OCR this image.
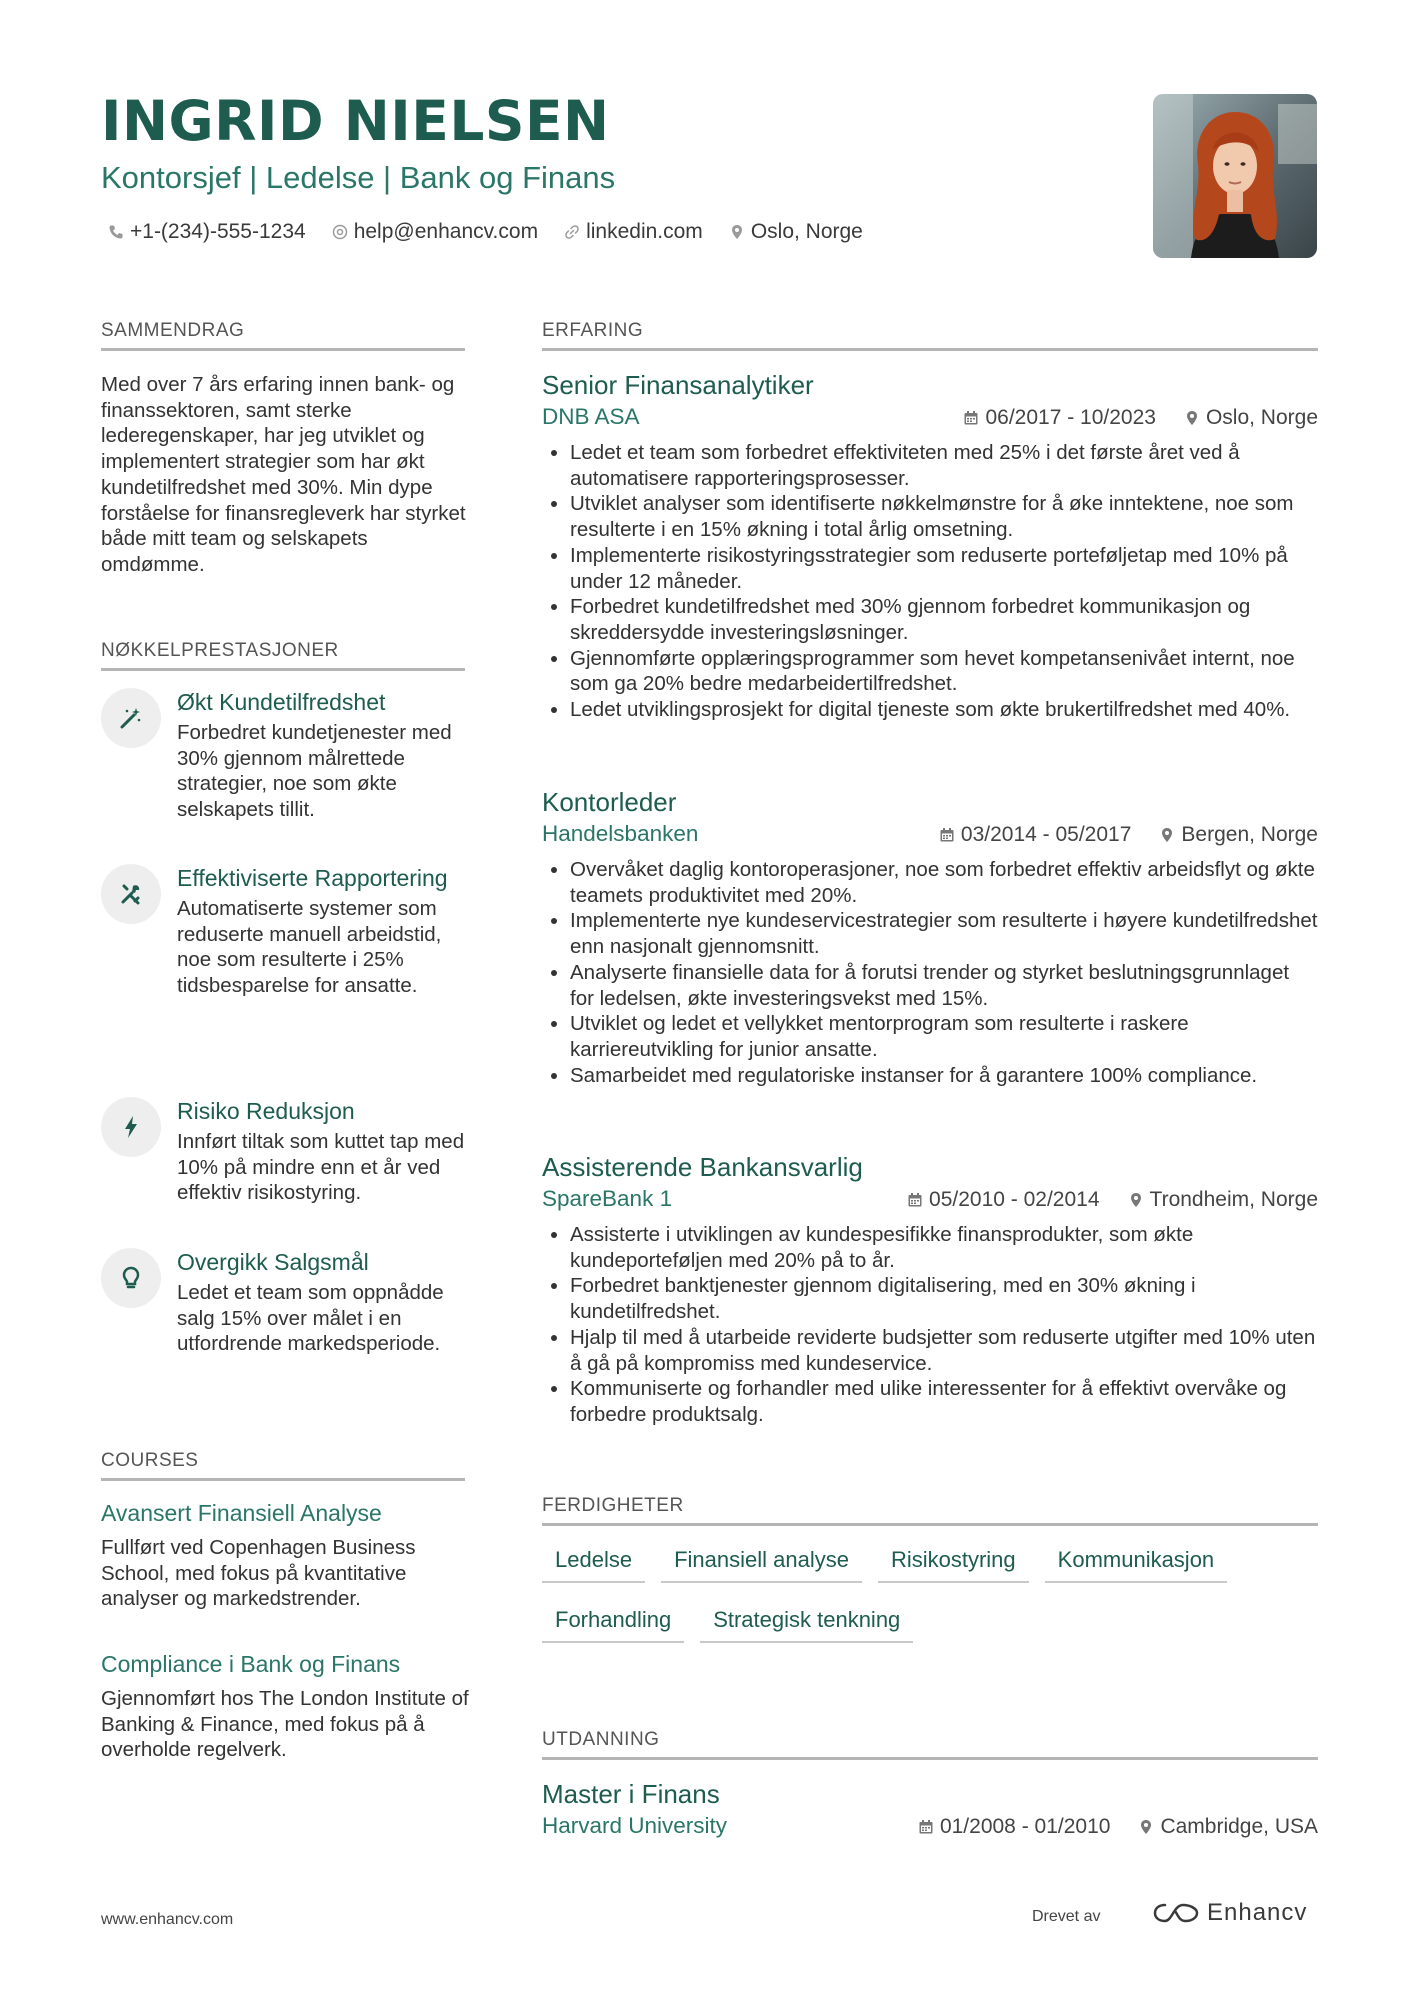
INGRID NIELSEN
Kontorsjef | Ledelse | Bank og Finans
+1-(234)-555-1234 help@enhancv.com linkedin.com Oslo, Norge
SAMMENDRAG
Med over 7 års erfaring innen bank- og finanssektoren, samt sterke lederegenskaper, har jeg utviklet og implementert strategier som har økt kundetilfredshet med 30%. Min dype forståelse for finansregleverk har styrket både mitt team og selskapets omdømme.
NØKKELPRESTASJONER
Økt Kundetilfredshet
Forbedret kundetjenester med 30% gjennom målrettede strategier, noe som økte selskapets tillit.
Effektiviserte Rapportering
Automatiserte systemer som reduserte manuell arbeidstid, noe som resulterte i 25% tidsbesparelse for ansatte.
Risiko Reduksjon
Innført tiltak som kuttet tap med 10% på mindre enn et år ved effektiv risikostyring.
Overgikk Salgsmål
Ledet et team som oppnådde salg 15% over målet i en utfordrende markedsperiode.
COURSES
Avansert Finansiell Analyse
Fullført ved Copenhagen Business School, med fokus på kvantitative analyser og markedstrender.
Compliance i Bank og Finans
Gjennomført hos The London Institute of Banking & Finance, med fokus på å overholde regelverk.
ERFARING
Senior Finansanalytiker
DNB ASA	06/2017 - 10/2023 Oslo, Norge
• Ledet et team som forbedret effektiviteten med 25% i det første året ved å automatisere rapporteringsprosesser.
• Utviklet analyser som identifiserte nøkkelmønstre for å øke inntektene, noe som resulterte i en 15% økning i total årlig omsetning.
• Implementerte risikostyringsstrategier som reduserte porteføljetap med 10% på under 12 måneder.
• Forbedret kundetilfredshet med 30% gjennom forbedret kommunikasjon og skreddersydde investeringsløsninger.
• Gjennomførte opplæringsprogrammer som hevet kompetansenivået internt, noe som ga 20% bedre medarbeidertilfredshet.
• Ledet utviklingsprosjekt for digital tjeneste som økte brukertilfredshet med 40%.
Kontorleder
Handelsbanken	03/2014 - 05/2017 Bergen, Norge
• Overvåket daglig kontoroperasjoner, noe som forbedret effektiv arbeidsflyt og økte teamets produktivitet med 20%.
• Implementerte nye kundeservicestrategier som resulterte i høyere kundetilfredshet enn nasjonalt gjennomsnitt.
• Analyserte finansielle data for å forutsi trender og styrket beslutningsgrunnlaget for ledelsen, økte investeringsvekst med 15%.
• Utviklet og ledet et vellykket mentorprogram som resulterte i raskere karriereutvikling for junior ansatte.
• Samarbeidet med regulatoriske instanser for å garantere 100% compliance.
Assisterende Bankansvarlig
SpareBank 1	05/2010 - 02/2014 Trondheim, Norge
• Assisterte i utviklingen av kundespesifikke finansprodukter, som økte kundeporteføljen med 20% på to år.
• Forbedret banktjenester gjennom digitalisering, med en 30% økning i kundetilfredshet.
• Hjalp til med å utarbeide reviderte budsjetter som reduserte utgifter med 10% uten å gå på kompromiss med kundeservice.
• Kommuniserte og forhandler med ulike interessenter for å effektivt overvåke og forbedre produktsalg.
FERDIGHETER
Ledelse	Finansiell analyse	Risikostyring	Kommunikasjon
Forhandling	Strategisk tenkning
UTDANNING
Master i Finans
Harvard University	01/2008 - 01/2010 Cambridge, USA
www.enhancv.com	Drevet av	Enhancv
